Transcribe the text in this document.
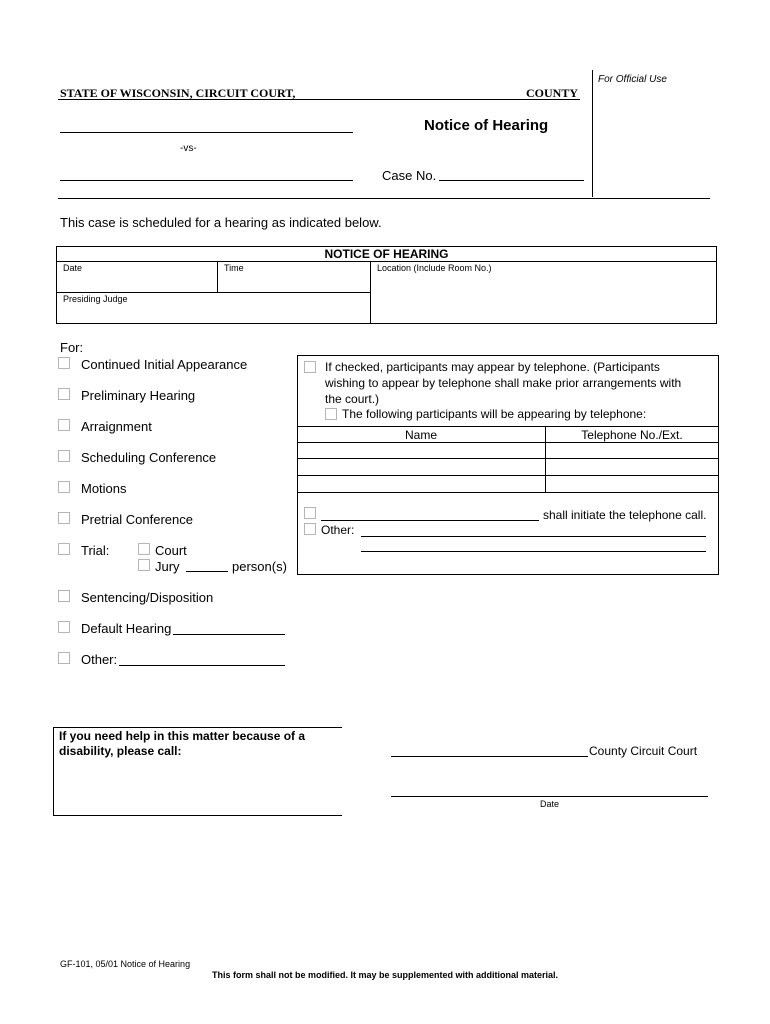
For Official Use
STATE OF WISCONSIN, CIRCUIT COURT,	COUNTY
-vs-
Notice of Hearing
Case No.
This case is scheduled for a hearing as indicated below.
NOTICE OF HEARING
Date	Time	Location (Include Room No.)
Presiding Judge
For:
Continued Initial Appearance
Preliminary Hearing
Arraignment
Scheduling Conference
Motions
Pretrial Conference
Trial:	Court
Jury	person(s)
Sentencing/Disposition
Default Hearing
Other:
If checked, participants may appear by telephone. (Participants
wishing to appear by telephone shall make prior arrangements with
the court.)
The following participants will be appearing by telephone:
Name	Telephone No./Ext.
shall initiate the telephone call.
Other:
If you need help in this matter because of a
disability, please call:	County Circuit Court
Date
GF-101, 05/01 Notice of Hearing
This form shall not be modified. It may be supplemented with additional material.
